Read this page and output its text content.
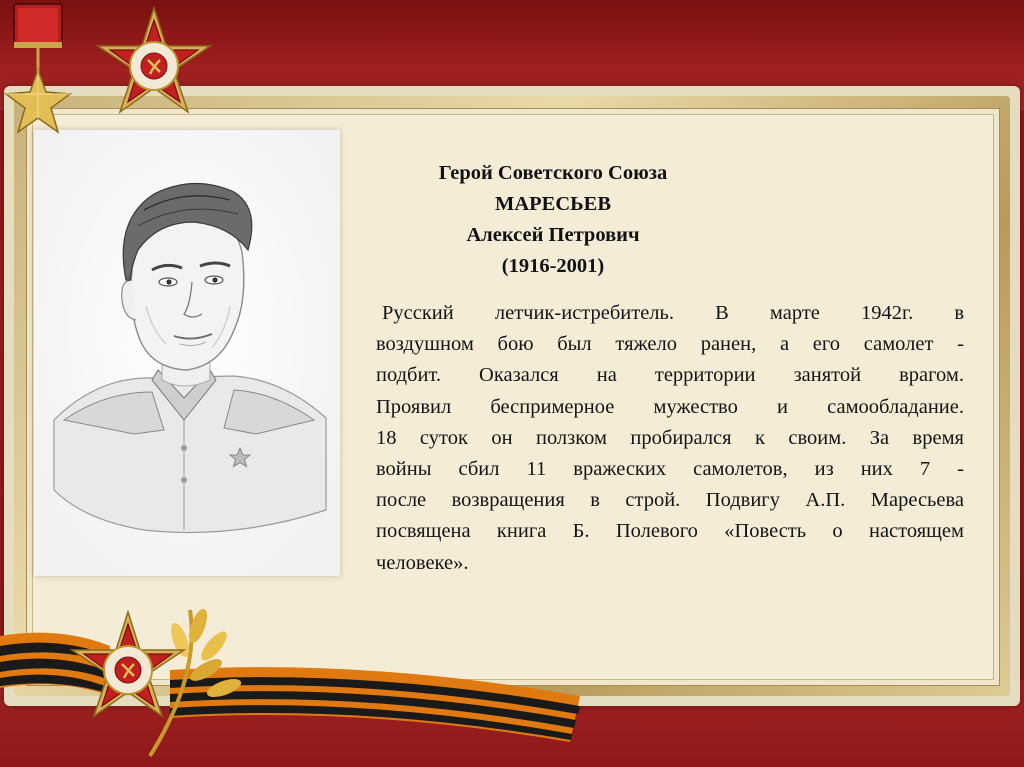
Герой Советского Союза
МАРЕСЬЕВ
Алексей Петрович
(1916-2001)
Русский летчик-истребитель. В марте 1942г. в
воздушном бою был тяжело ранен, а его самолет -
подбит. Оказался на территории занятой врагом.
Проявил беспримерное мужество и самообладание.
18 суток он ползком пробирался к своим. За время
войны сбил 11 вражеских самолетов, из них 7 -
после возвращения в строй. Подвигу А.П. Маресьева
посвящена книга Б. Полевого «Повесть о настоящем
человеке».
